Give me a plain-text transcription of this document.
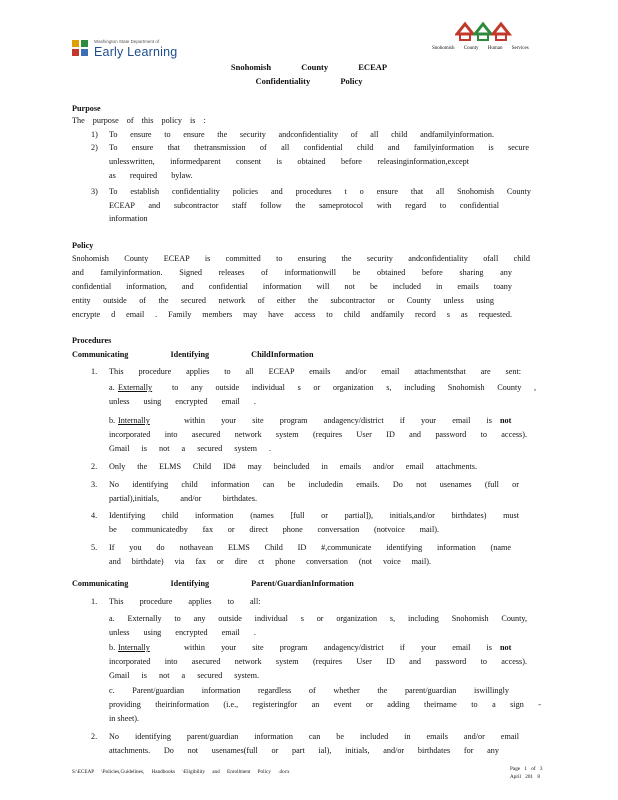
Washington State Department of
Early Learning	Snohomish County Human Services
Snohomish County ECEAP
Confidentiality Policy
Purpose
The purpose of this policy is :
1) To ensure to ensure the security andconfidentiality of all child andfamilyinformation.
2) To ensure that thetransmission of all confidential child and familyinformation is secure
unlesswritten, informedparent consent is obtained before releasinginformation,except
as required bylaw.
3) To establish confidentiality policies and procedures t o ensure that all Snohomish County
ECEAP and subcontractor staff follow the sameprotocol with regard to confidential
information
Policy
Snohomish County ECEAP is committed to ensuring the security andconfidentiality ofall child
and familyinformation. Signed releases of informationwill be obtained before sharing any
confidential information, and confidential information will not be included in emails toany
entity outside of the secured network of either the subcontractor or County unless using
encrypte d email . Family members may have access to child andfamily record s as requested.
Procedures
Communicating Identifying ChildInformation
1. This procedure applies to all ECEAP emails and/or email attachmentsthat are sent:
a. Externally to any outside individual s or organization s, including Snohomish County ,
unless using encrypted email .
b. Internally	within your site program andagency/district if your email is not
incorporated into asecured network system (requires User ID and password to access).
Gmail is not a secured system .
2. Only the ELMS Child ID# may beincluded in emails and/or email attachments.
3. No identifying child information can be includedin emails. Do not usenames (full or
partial),initials, and/or birthdates.
4. Identifying child information (names [full or partial]), initials,and/or birthdates) must
be communicatedby fax or direct phone conversation (notvoice mail).
5. If you do nothavean ELMS Child ID #,communicate identifying information (name
and birthdate) via fax or dire ct phone conversation (not voice mail).
Communicating Identifying Parent/GuardianInformation
1. This procedure applies to all:
a. Externally to any outside individual s or organization s, including Snohomish County,
unless using encrypted email .
b. Internally	within your site program andagency/district if your email is not
incorporated into asecured network system (requires User ID and password to access).
Gmail is not a secured system.
c. Parent/guardian information regardless of whether the parent/guardian iswillingly
providing theirinformation (i.e., registeringfor an event or adding theirname to a sign -
in sheet).
2. No identifying parent/guardian information can be included in emails and/or email
attachments. Do not usenames(full or part ial), initials, and/or birthdates for any
S:\ECEAP \Policies,Guidelines, Handbooks \Eligibility and Enrollment Policy .docx	Page 1 of 3
April 201 8
